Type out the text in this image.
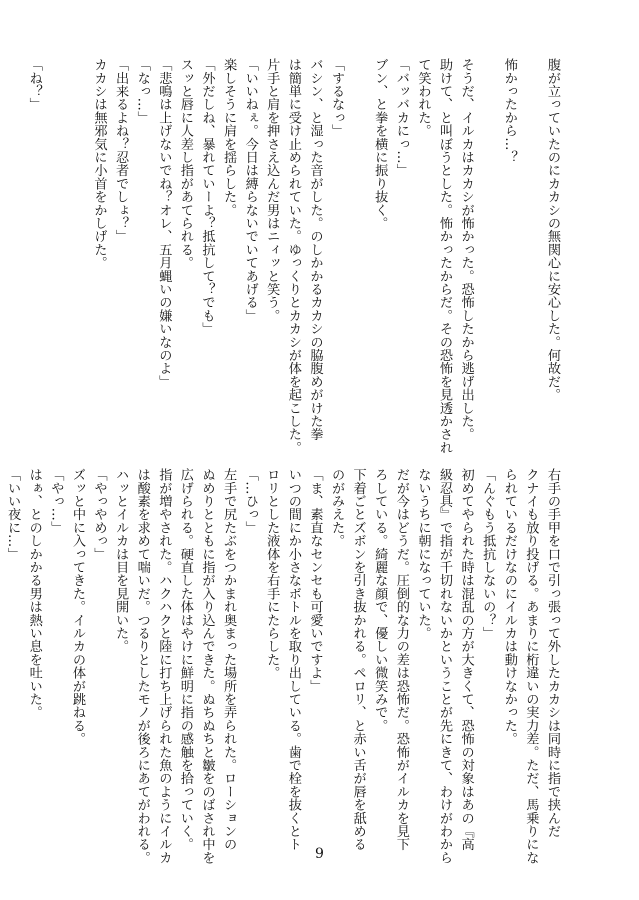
腹が立っていたのにカカシの無関心に安心した。何故だ。

怖かったから…？

そうだ、イルカはカカシが怖かった。恐怖したから逃げ出した。
助けて、と叫ぼうとした。怖かったからだ。その恐怖を見透かされ
て笑われた。
「バッバカにっ…」
ブン、と拳を横に振り抜く。

「するなっ」
バシン、と湿った音がした。のしかかるカカシの脇腹めがけた拳
は簡単に受け止められていた。ゆっくりとカカシが体を起こした。
片手と肩を押さえ込んだ男はニィッと笑う。
「いいねぇ。今日は縛らないでいてあげる」
楽しそうに肩を揺らした。
「外だしね、暴れていーよ？抵抗して？でも」
スッと唇に人差し指があてられる。
「悲鳴は上げないでね？オレ、五月蝿いの嫌いなのよ」
「なっ…」
「出来るよね？忍者でしょ？」
カカシは無邪気に小首をかしげた。

「ね？」

右手の手甲を口で引っ張って外したカカシは同時に指で挟んだ
クナイも放り投げる。あまりに桁違いの実力差。ただ、馬乗りにな
られているだけなのにイルカは動けなかった。
「んぐもう抵抗しないの？」
初めてやられた時は混乱の方が大きくて、恐怖の対象はあの『高
級忍具』で指が千切れないかということが先にきて、わけがわから
ないうちに朝になっていた。
だが今はどうだ。圧倒的な力の差は恐怖だ。恐怖がイルカを見下
ろしている。綺麗な顔で、優しい微笑みで。
下着ごとズボンを引き抜かれる。ペロリ、と赤い舌が唇を舐める
のがみえた。
「ま、素直なセンセも可愛いですよ」
いつの間にか小さなボトルを取り出している。歯で栓を抜くとト
ロリとした液体を右手にたらした。
「…ひっ」
左手で尻たぶをつかまれ奥まった場所を弄られた。ローションの
ぬめりとともに指が入り込んできた。ぬちぬちと皺をのばされ中を
広げられる。硬直した体はやけに鮮明に指の感触を拾っていく。
指が増やされた。ハクハクと陸に打ち上げられた魚のようにイルカ
は酸素を求めて喘いだ。つるりとしたモノが後ろにあてがわれる。
ハッとイルカは目を見開いた。
「やっやめっ」
ズッと中に入ってきた。イルカの体が跳ねる。
「やっ…」
はぁ、とのしかかる男は熱い息を吐いた。
「いい夜に…」
9
